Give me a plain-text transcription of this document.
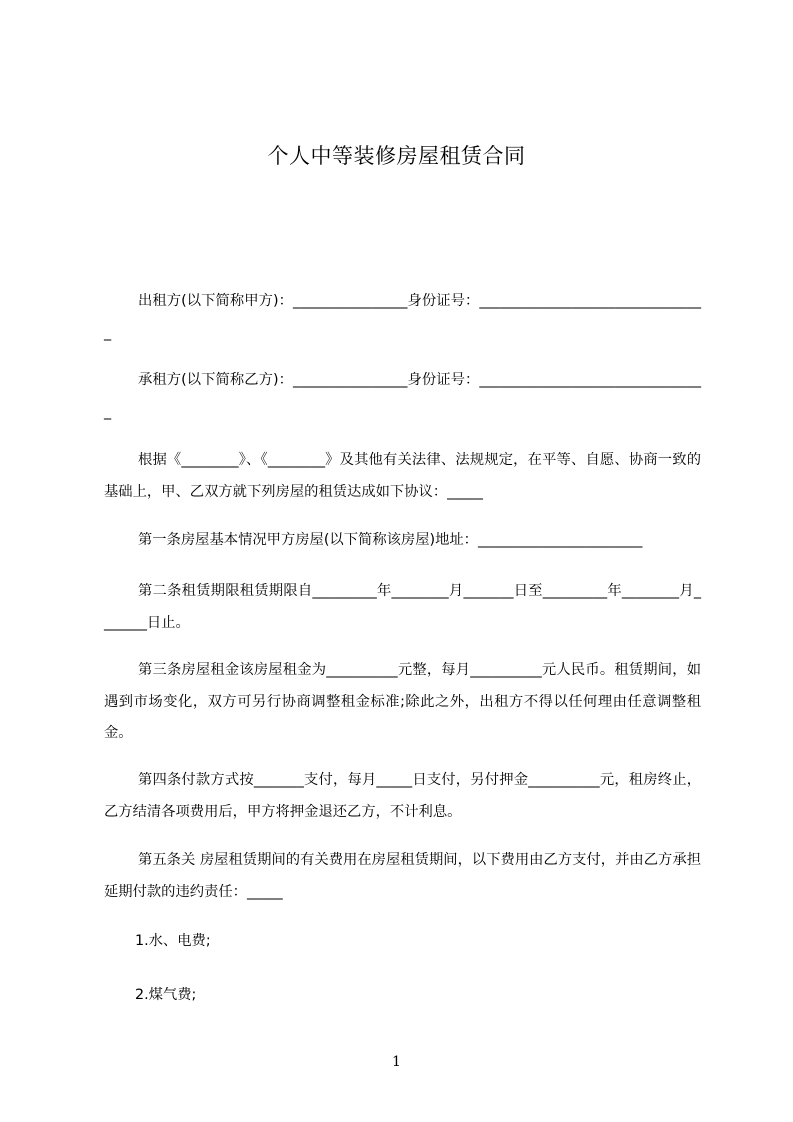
个人中等装修房屋租赁合同

出租方(以下简称甲方)：________________身份证号：________________________________

承租方(以下简称乙方)：________________身份证号：________________________________

根据《________》、《________》及其他有关法律、法规规定，在平等、自愿、协商一致的基础上，甲、乙双方就下列房屋的租赁达成如下协议：_____

第一条房屋基本情况甲方房屋(以下简称该房屋)地址：_______________________

第二条租赁期限租赁期限自_________年________月_______日至_________年________月_______日止。

第三条房屋租金该房屋租金为__________元整，每月__________元人民币。租赁期间，如遇到市场变化，双方可另行协商调整租金标准;除此之外，出租方不得以任何理由任意调整租金。

第四条付款方式按_______支付，每月_____日支付，另付押金__________元，租房终止，乙方结清各项费用后，甲方将押金退还乙方，不计利息。

第五条关 房屋租赁期间的有关费用在房屋租赁期间，以下费用由乙方支付，并由乙方承担延期付款的违约责任：_____

1.水、电费;

2.煤气费;

1
